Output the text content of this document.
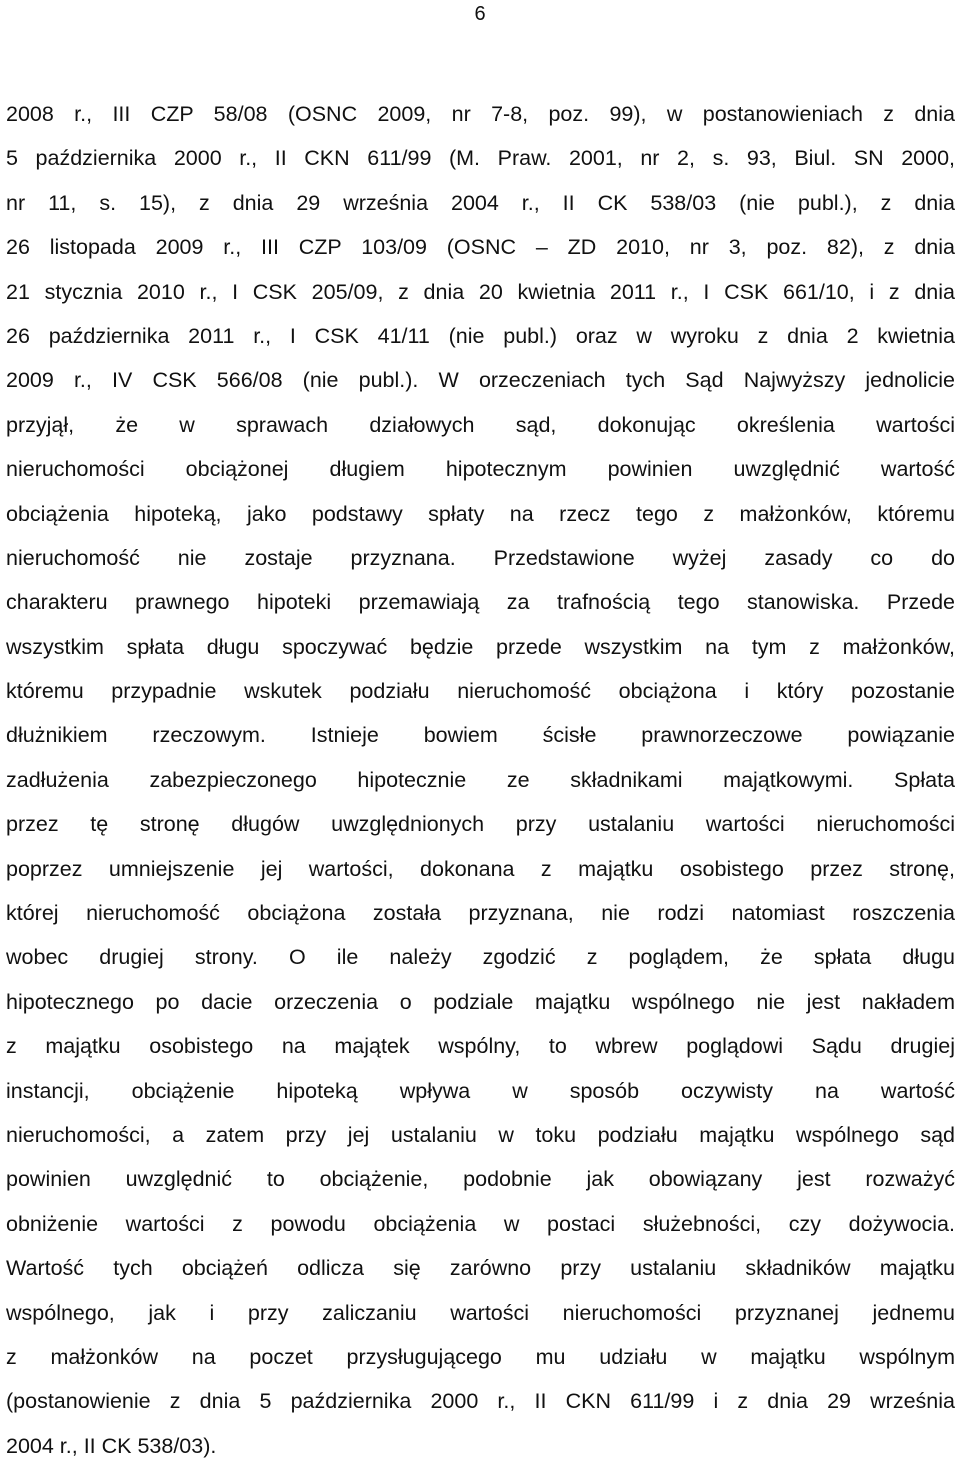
6
2008 r., III CZP 58/08 (OSNC 2009, nr 7-8, poz. 99), w postanowieniach z dnia
5 października 2000 r., II CKN 611/99 (M. Praw. 2001, nr 2, s. 93, Biul. SN 2000,
nr 11, s. 15), z dnia 29 września 2004 r., II CK 538/03 (nie publ.), z dnia
26 listopada 2009 r., III CZP 103/09 (OSNC – ZD 2010, nr 3, poz. 82), z dnia
21 stycznia 2010 r., I CSK 205/09, z dnia 20 kwietnia 2011 r., I CSK 661/10, i z dnia
26 października 2011 r., I CSK 41/11 (nie publ.) oraz w wyroku z dnia 2 kwietnia
2009 r., IV CSK 566/08 (nie publ.). W orzeczeniach tych Sąd Najwyższy jednolicie
przyjął, że w sprawach działowych sąd, dokonując określenia wartości
nieruchomości obciążonej długiem hipotecznym powinien uwzględnić wartość
obciążenia hipoteką, jako podstawy spłaty na rzecz tego z małżonków, któremu
nieruchomość nie zostaje przyznana. Przedstawione wyżej zasady co do
charakteru prawnego hipoteki przemawiają za trafnością tego stanowiska. Przede
wszystkim spłata długu spoczywać będzie przede wszystkim na tym z małżonków,
któremu przypadnie wskutek podziału nieruchomość obciążona i który pozostanie
dłużnikiem rzeczowym. Istnieje bowiem ścisłe prawnorzeczowe powiązanie
zadłużenia zabezpieczonego hipotecznie ze składnikami majątkowymi. Spłata
przez tę stronę długów uwzględnionych przy ustalaniu wartości nieruchomości
poprzez umniejszenie jej wartości, dokonana z majątku osobistego przez stronę,
której nieruchomość obciążona została przyznana, nie rodzi natomiast roszczenia
wobec drugiej strony. O ile należy zgodzić z poglądem, że spłata długu
hipotecznego po dacie orzeczenia o podziale majątku wspólnego nie jest nakładem
z majątku osobistego na majątek wspólny, to wbrew poglądowi Sądu drugiej
instancji, obciążenie hipoteką wpływa w sposób oczywisty na wartość
nieruchomości, a zatem przy jej ustalaniu w toku podziału majątku wspólnego sąd
powinien uwzględnić to obciążenie, podobnie jak obowiązany jest rozważyć
obniżenie wartości z powodu obciążenia w postaci służebności, czy dożywocia.
Wartość tych obciążeń odlicza się zarówno przy ustalaniu składników majątku
wspólnego, jak i przy zaliczaniu wartości nieruchomości przyznanej jednemu
z małżonków na poczet przysługującego mu udziału w majątku wspólnym
(postanowienie z dnia 5 października 2000 r., II CKN 611/99 i z dnia 29 września
2004 r., II CK 538/03).
